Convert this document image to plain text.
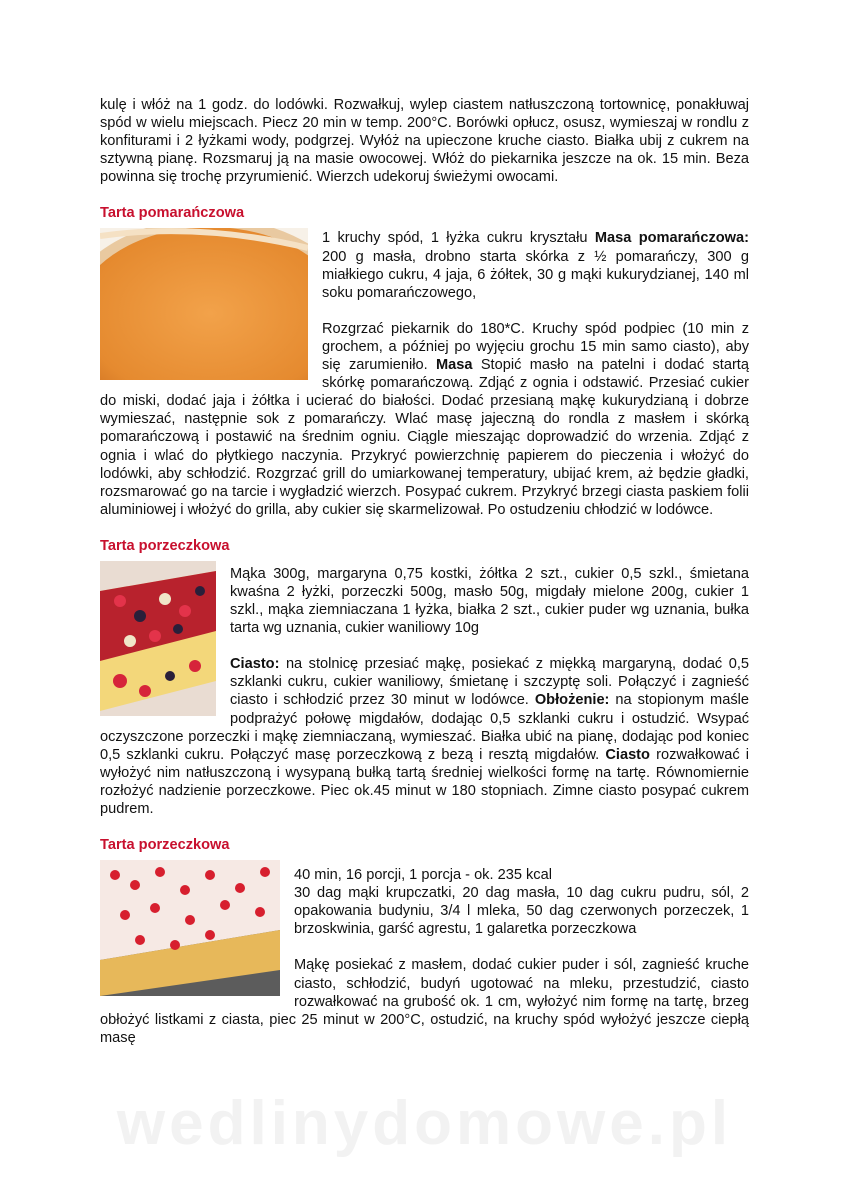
kulę i włóż na 1 godz. do lodówki. Rozwałkuj, wylep ciastem natłuszczoną tortownicę, ponakłuwaj spód w wielu miejscach. Piecz 20 min w temp. 200°C. Borówki opłucz, osusz, wymieszaj w rondlu z konfiturami i 2 łyżkami wody, podgrzej. Wyłóż na upieczone kruche ciasto. Białka ubij z cukrem na sztywną pianę. Rozsmaruj ją na masie owocowej. Włóż do piekarnika jeszcze na ok. 15 min. Beza powinna się trochę przyrumienić. Wierzch udekoruj świeżymi owocami.

Tarta pomarańczowa

1 kruchy spód, 1 łyżka cukru kryształu Masa pomarańczowa: 200 g masła, drobno starta skórka z ½ pomarańczy, 300 g miałkiego cukru, 4 jaja, 6 żółtek, 30 g mąki kukurydzianej, 140 ml soku pomarańczowego,

Rozgrzać piekarnik do 180*C. Kruchy spód podpiec (10 min z grochem, a później po wyjęciu grochu 15 min samo ciasto), aby się zarumieniło. Masa Stopić masło na patelni i dodać startą skórkę pomarańczową. Zdjąć z ognia i odstawić. Przesiać cukier do miski, dodać jaja i żółtka i ucierać do białości. Dodać przesianą mąkę kukurydzianą i dobrze wymieszać, następnie sok z pomarańczy. Wlać masę jajeczną do rondla z masłem i skórką pomarańczową i postawić na średnim ogniu. Ciągle mieszając doprowadzić do wrzenia. Zdjąć z ognia i wlać do płytkiego naczynia. Przykryć powierzchnię papierem do pieczenia i włożyć do lodówki, aby schłodzić. Rozgrzać grill do umiarkowanej temperatury, ubijać krem, aż będzie gładki, rozsmarować go na tarcie i wygładzić wierzch. Posypać cukrem. Przykryć brzegi ciasta paskiem folii aluminiowej i włożyć do grilla, aby cukier się skarmelizował. Po ostudzeniu chłodzić w lodówce.

Tarta porzeczkowa

Mąka 300g, margaryna 0,75 kostki, żółtka 2 szt., cukier 0,5 szkl., śmietana kwaśna 2 łyżki, porzeczki 500g, masło 50g, migdały mielone 200g, cukier 1 szkl., mąka ziemniaczana 1 łyżka, białka 2 szt., cukier puder wg uznania, bułka tarta wg uznania, cukier waniliowy 10g

Ciasto: na stolnicę przesiać mąkę, posiekać z miękką margaryną, dodać 0,5 szklanki cukru, cukier waniliowy, śmietanę i szczyptę soli. Połączyć i zagnieść ciasto i schłodzić przez 30 minut w lodówce. Obłożenie: na stopionym maśle podprażyć połowę migdałów, dodając 0,5 szklanki cukru i ostudzić. Wsypać oczyszczone porzeczki i mąkę ziemniaczaną, wymieszać. Białka ubić na pianę, dodając pod koniec 0,5 szklanki cukru. Połączyć masę porzeczkową z bezą i resztą migdałów. Ciasto rozwałkować i wyłożyć nim natłuszczoną i wysypaną bułką tartą średniej wielkości formę na tartę. Równomiernie rozłożyć nadzienie porzeczkowe. Piec ok.45 minut w 180 stopniach. Zimne ciasto posypać cukrem pudrem.

Tarta porzeczkowa

40 min, 16 porcji, 1 porcja - ok. 235 kcal

30 dag mąki krupczatki, 20 dag masła, 10 dag cukru pudru, sól, 2 opakowania budyniu, 3/4 l mleka, 50 dag czerwonych porzeczek, 1 brzoskwinia, garść agrestu, 1 galaretka porzeczkowa

Mąkę posiekać z masłem, dodać cukier puder i sól, zagnieść kruche ciasto, schłodzić, budyń ugotować na mleku, przestudzić, ciasto rozwałkować na grubość ok. 1 cm, wyłożyć nim formę na tartę, brzeg obłożyć listkami z ciasta, piec 25 minut w 200°C, ostudzić, na kruchy spód wyłożyć jeszcze ciepłą masę

wedlinydomowe.pl
